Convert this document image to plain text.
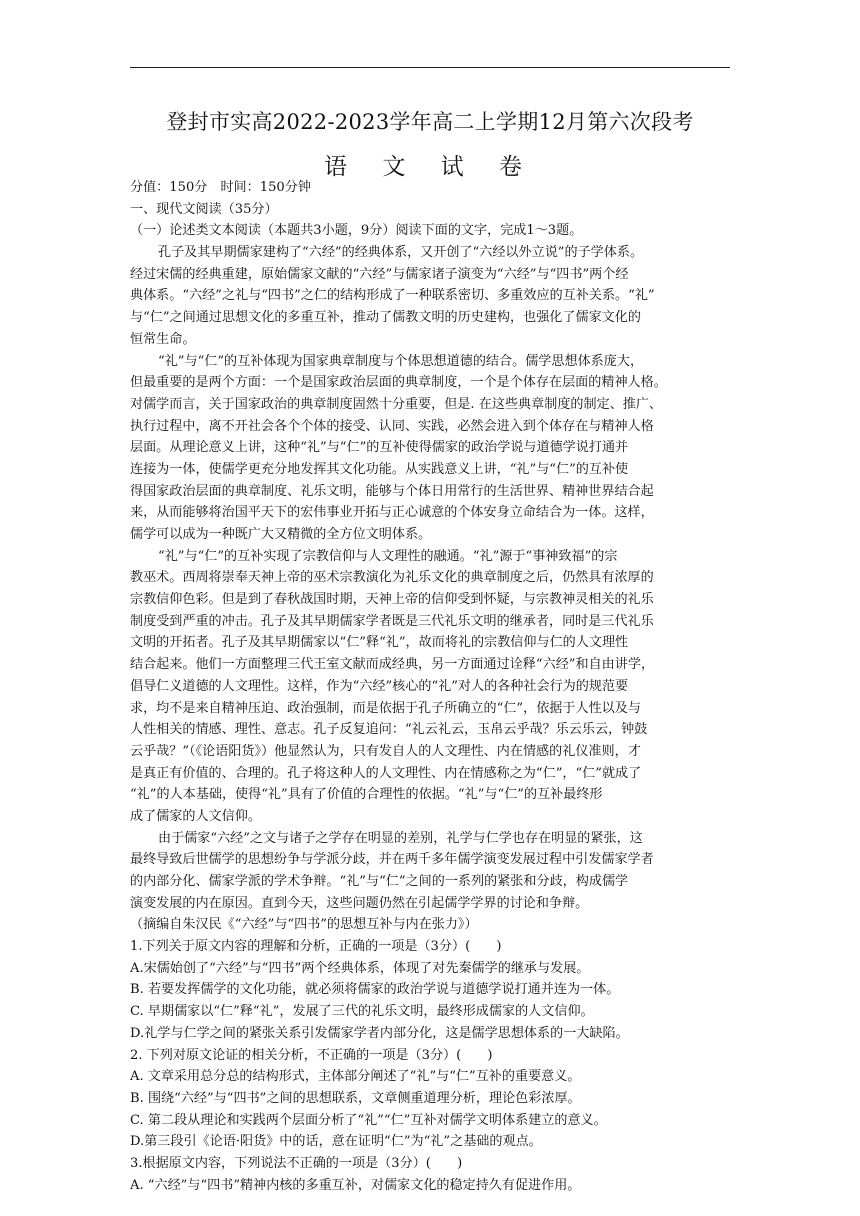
登封市实高2022-2023学年高二上学期12月第六次段考
语 文 试 卷
分值：150分　时间：150分钟
一、现代文阅读（35分）
（一）论述类文本阅读（本题共3小题，9分）阅读下面的文字，完成1～3题。
孔子及其早期儒家建构了“六经”的经典体系，又开创了“六经以外立说”的子学体系。
经过宋儒的经典重建，原始儒家文献的“六经”与儒家诸子演变为“六经”与“四书”两个经
典体系。“六经”之礼与“四书”之仁的结构形成了一种联系密切、多重效应的互补关系。“礼”
与“仁”之间通过思想文化的多重互补，推动了儒教文明的历史建构，也强化了儒家文化的
恒常生命。
“礼”与“仁”的互补体现为国家典章制度与个体思想道德的结合。儒学思想体系庞大，
但最重要的是两个方面：一个是国家政治层面的典章制度，一个是个体存在层面的精神人格。
对儒学而言，关于国家政治的典章制度固然十分重要，但是. 在这些典章制度的制定、推广、
执行过程中，离不开社会各个个体的接受、认同、实践，必然会进入到个体存在与精神人格
层面。从理论意义上讲，这种“礼”与“仁”的互补使得儒家的政治学说与道德学说打通并
连接为一体，使儒学更充分地发挥其文化功能。从实践意义上讲，“礼”与“仁”的互补使
得国家政治层面的典章制度、礼乐文明，能够与个体日用常行的生活世界、精神世界结合起
来，从而能够将治国平天下的宏伟事业开拓与正心诚意的个体安身立命结合为一体。这样，
儒学可以成为一种既广大又精微的全方位文明体系。
“礼”与“仁”的互补实现了宗教信仰与人文理性的融通。“礼”源于“事神致福”的宗
教巫术。西周将崇奉天神上帝的巫术宗教演化为礼乐文化的典章制度之后，仍然具有浓厚的
宗教信仰色彩。但是到了春秋战国时期，天神上帝的信仰受到怀疑，与宗教神灵相关的礼乐
制度受到严重的冲击。孔子及其早期儒家学者既是三代礼乐文明的继承者，同时是三代礼乐
文明的开拓者。孔子及其早期儒家以“仁”释“礼”，故而将礼的宗教信仰与仁的人文理性
结合起来。他们一方面整理三代王室文献而成经典，另一方面通过诠释“六经”和自由讲学，
倡导仁义道德的人文理性。这样，作为“六经”核心的“礼”对人的各种社会行为的规范要
求，均不是来自精神压迫、政治强制，而是依据于孔子所确立的“仁”，依据于人性以及与
人性相关的情感、理性、意志。孔子反复追问：“礼云礼云，玉帛云乎哉？乐云乐云，钟鼓
云乎哉？”（《论语阳货》）他显然认为，只有发自人的人文理性、内在情感的礼仪准则，才
是真正有价值的、合理的。孔子将这种人的人文理性、内在情感称之为“仁”，“仁”就成了
“礼”的人本基础，使得“礼”具有了价值的合理性的依据。“礼”与“仁”的互补最终形
成了儒家的人文信仰。
由于儒家“六经”之文与诸子之学存在明显的差别，礼学与仁学也存在明显的紧张，这
最终导致后世儒学的思想纷争与学派分歧，并在两千多年儒学演变发展过程中引发儒家学者
的内部分化、儒家学派的学术争辩。“礼”与“仁”之间的一系列的紧张和分歧，构成儒学
演变发展的内在原因。直到今天，这些问题仍然在引起儒学学界的讨论和争辩。
（摘编自朱汉民《“六经”与“四书”的思想互补与内在张力》）
1.下列关于原文内容的理解和分析，正确的一项是（3分）(　　)
A.宋儒始创了“六经”与“四书”两个经典体系，体现了对先秦儒学的继承与发展。
B. 若要发挥儒学的文化功能，就必须将儒家的政治学说与道德学说打通并连为一体。
C. 早期儒家以“仁”释“礼”，发展了三代的礼乐文明，最终形成儒家的人文信仰。
D.礼学与仁学之间的紧张关系引发儒家学者内部分化，这是儒学思想体系的一大缺陷。
2. 下列对原文论证的相关分析，不正确的一项是（3分）(　　)
A. 文章采用总分总的结构形式，主体部分阐述了“礼”与“仁”互补的重要意义。
B. 围绕“六经”与“四书”之间的思想联系，文章侧重道理分析，理论色彩浓厚。
C. 第二段从理论和实践两个层面分析了“礼”“仁”互补对儒学文明体系建立的意义。
D.第三段引《论语·阳货》中的话，意在证明“仁”为“礼”之基础的观点。
3.根据原文内容，下列说法不正确的一项是（3分）(　　)
A. “六经”与“四书”精神内核的多重互补，对儒家文化的稳定持久有促进作用。
